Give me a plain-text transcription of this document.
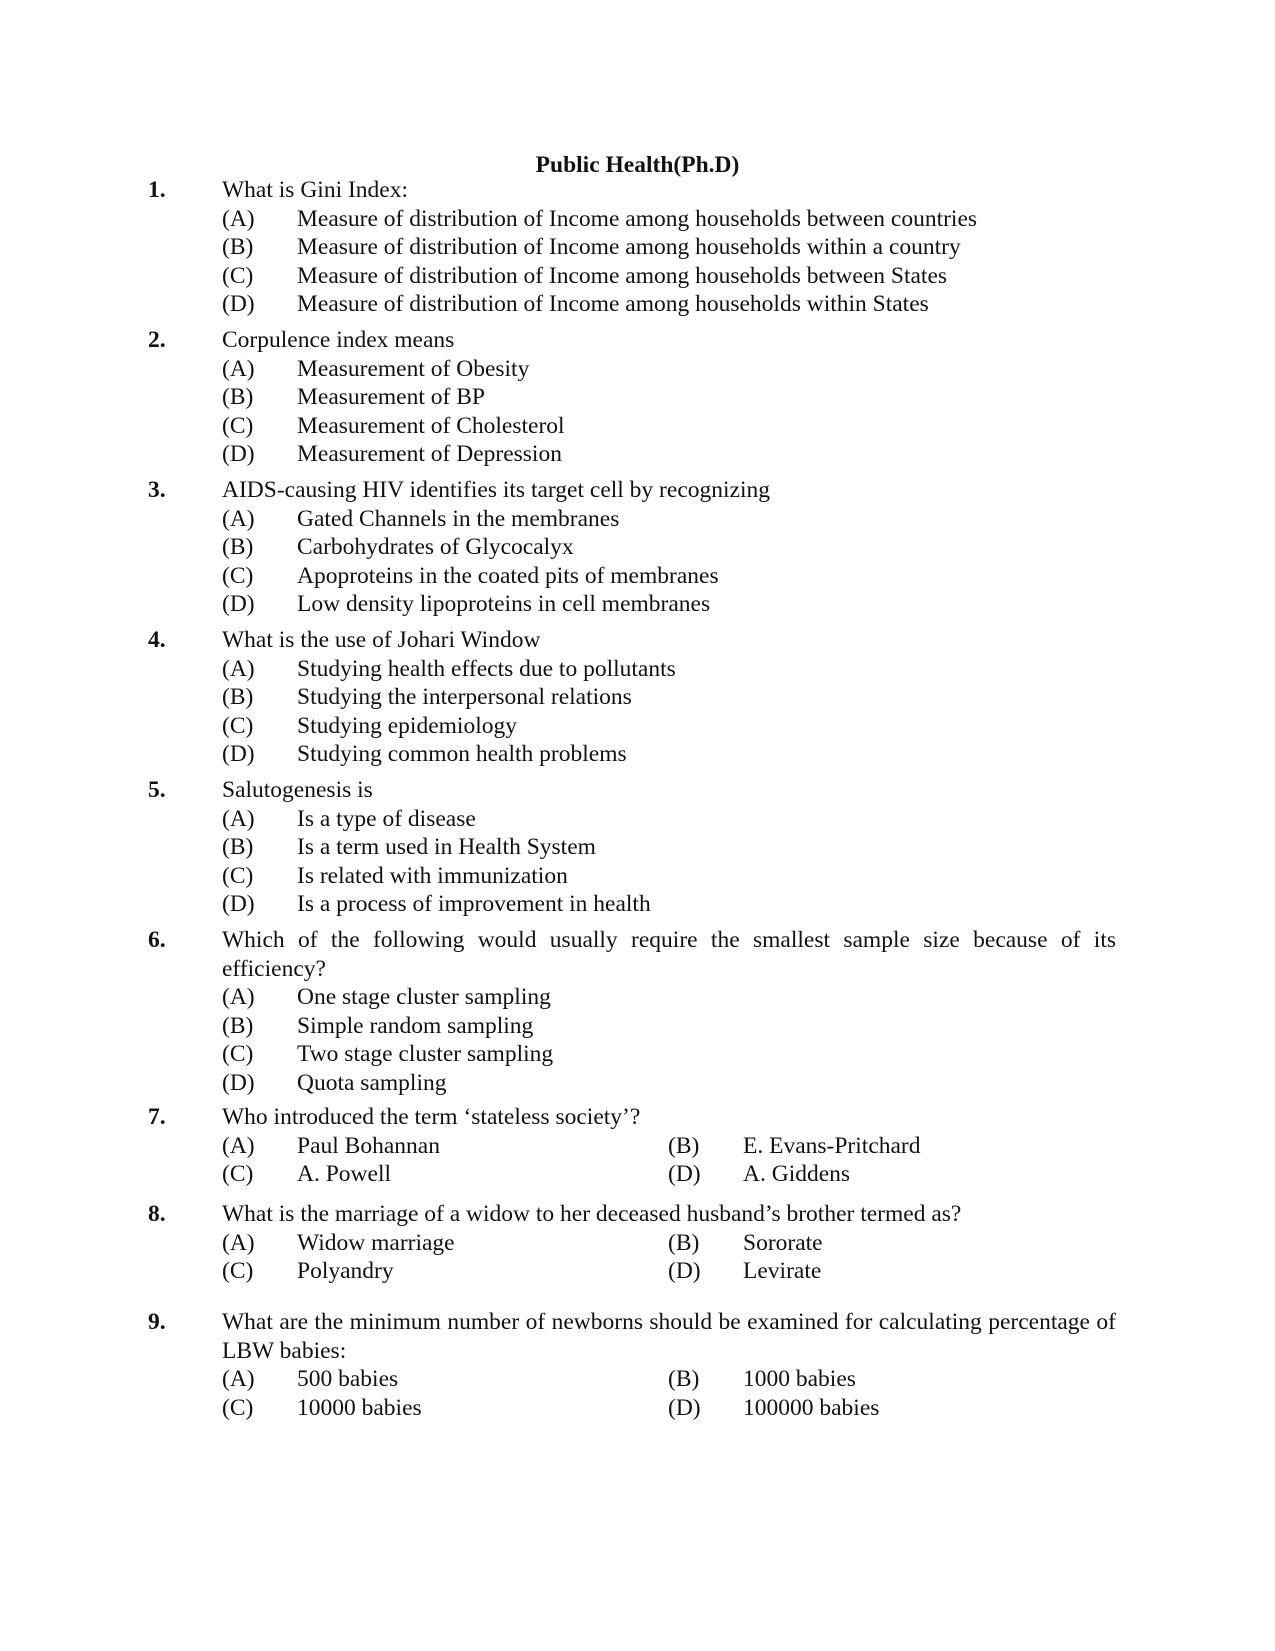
Public Health(Ph.D)
1. What is Gini Index:

(A) Measure of distribution of Income among households between countries
(B) Measure of distribution of Income among households within a country
(C) Measure of distribution of Income among households between States
(D) Measure of distribution of Income among households within States
2. Corpulence index means

(A) Measurement of Obesity
(B) Measurement of BP
(C) Measurement of Cholesterol
(D) Measurement of Depression
3. AIDS-causing HIV identifies its target cell by recognizing

(A) Gated Channels in the membranes
(B) Carbohydrates of Glycocalyx
(C) Apoproteins in the coated pits of membranes
(D) Low density lipoproteins in cell membranes
4. What is the use of Johari Window

(A) Studying health effects due to pollutants
(B) Studying the interpersonal relations
(C) Studying epidemiology
(D) Studying common health problems
5. Salutogenesis is

(A) Is a type of disease
(B) Is a term used in Health System
(C) Is related with immunization
(D) Is a process of improvement in health
6. Which of the following would usually require the smallest sample size because of its efficiency?

(A) One stage cluster sampling
(B) Simple random sampling
(C) Two stage cluster sampling
(D) Quota sampling
7. Who introduced the term ‘stateless society’?

(A) Paul Bohannan	(B) E. Evans-Pritchard
(C) A. Powell	(D) A. Giddens
8. What is the marriage of a widow to her deceased husband’s brother termed as?

(A) Widow marriage	(B) Sororate
(C) Polyandry	(D) Levirate
9. What are the minimum number of newborns should be examined for calculating percentage of LBW babies:

(A) 500 babies	(B) 1000 babies
(C) 10000 babies	(D) 100000 babies
